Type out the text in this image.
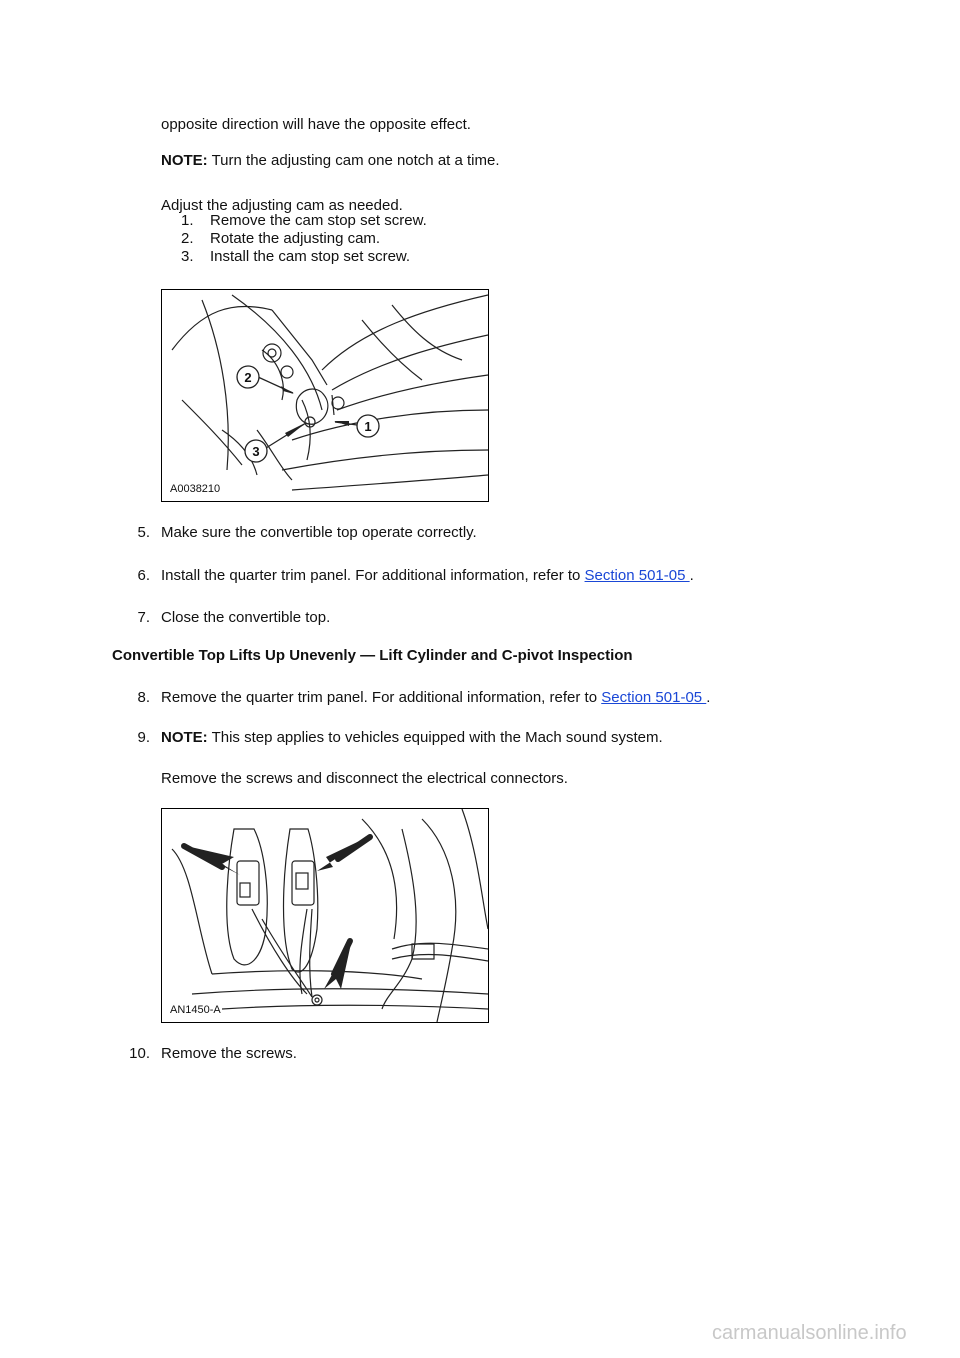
opposite direction will have the opposite effect.
NOTE: Turn the adjusting cam one notch at a time.
Adjust the adjusting cam as needed.
1. Remove the cam stop set screw.
2. Rotate the adjusting cam.
3. Install the cam stop set screw.
2
3
1
A0038210
5. Make sure the convertible top operate correctly.
6. Install the quarter trim panel. For additional information, refer to Section 501-05 .
7. Close the convertible top.
Convertible Top Lifts Up Unevenly — Lift Cylinder and C-pivot Inspection
8. Remove the quarter trim panel. For additional information, refer to Section 501-05 .
9. NOTE: This step applies to vehicles equipped with the Mach sound system.
Remove the screws and disconnect the electrical connectors.
AN1450-A
10. Remove the screws.
carmanualsonline.info
